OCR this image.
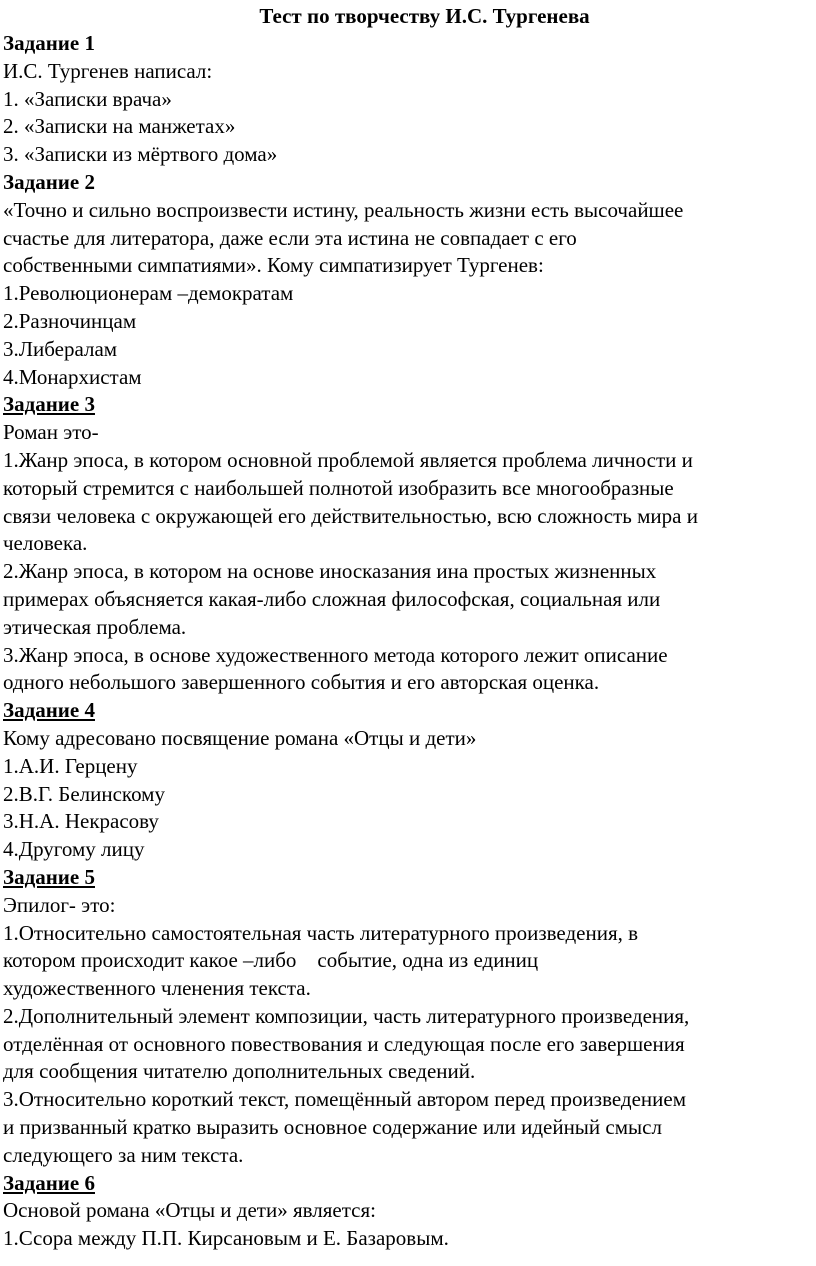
Тест по творчеству И.С. Тургенева
Задание 1
И.С. Тургенев написал:
1. «Записки врача»
2. «Записки на манжетах»
3. «Записки из мёртвого дома»
Задание 2
«Точно и сильно воспроизвести истину, реальность жизни есть высочайшее
счастье для литератора, даже если эта истина не совпадает с его
собственными симпатиями». Кому симпатизирует Тургенев:
1.Революционерам –демократам
2.Разночинцам
3.Либералам
4.Монархистам
Задание 3
Роман это-
1.Жанр эпоса, в котором основной проблемой является проблема личности и
который стремится с наибольшей полнотой изобразить все многообразные
связи человека с окружающей его действительностью, всю сложность мира и
человека.
2.Жанр эпоса, в котором на основе иносказания ина простых жизненных
примерах объясняется какая-либо сложная философская, социальная или
этическая проблема.
3.Жанр эпоса, в основе художественного метода которого лежит описание
одного небольшого завершенного события и его авторская оценка.
Задание 4
Кому адресовано посвящение романа «Отцы и дети»
1.А.И. Герцену
2.В.Г. Белинскому
3.Н.А. Некрасову
4.Другому лицу
Задание 5
Эпилог- это:
1.Относительно самостоятельная часть литературного произведения, в
котором происходит какое –либо    событие, одна из единиц
художественного членения текста.
2.Дополнительный элемент композиции, часть литературного произведения,
отделённая от основного повествования и следующая после его завершения
для сообщения читателю дополнительных сведений.
3.Относительно короткий текст, помещённый автором перед произведением
и призванный кратко выразить основное содержание или идейный смысл
следующего за ним текста.
Задание 6
Основой романа «Отцы и дети» является:
1.Ссора между П.П. Кирсановым и Е. Базаровым.
